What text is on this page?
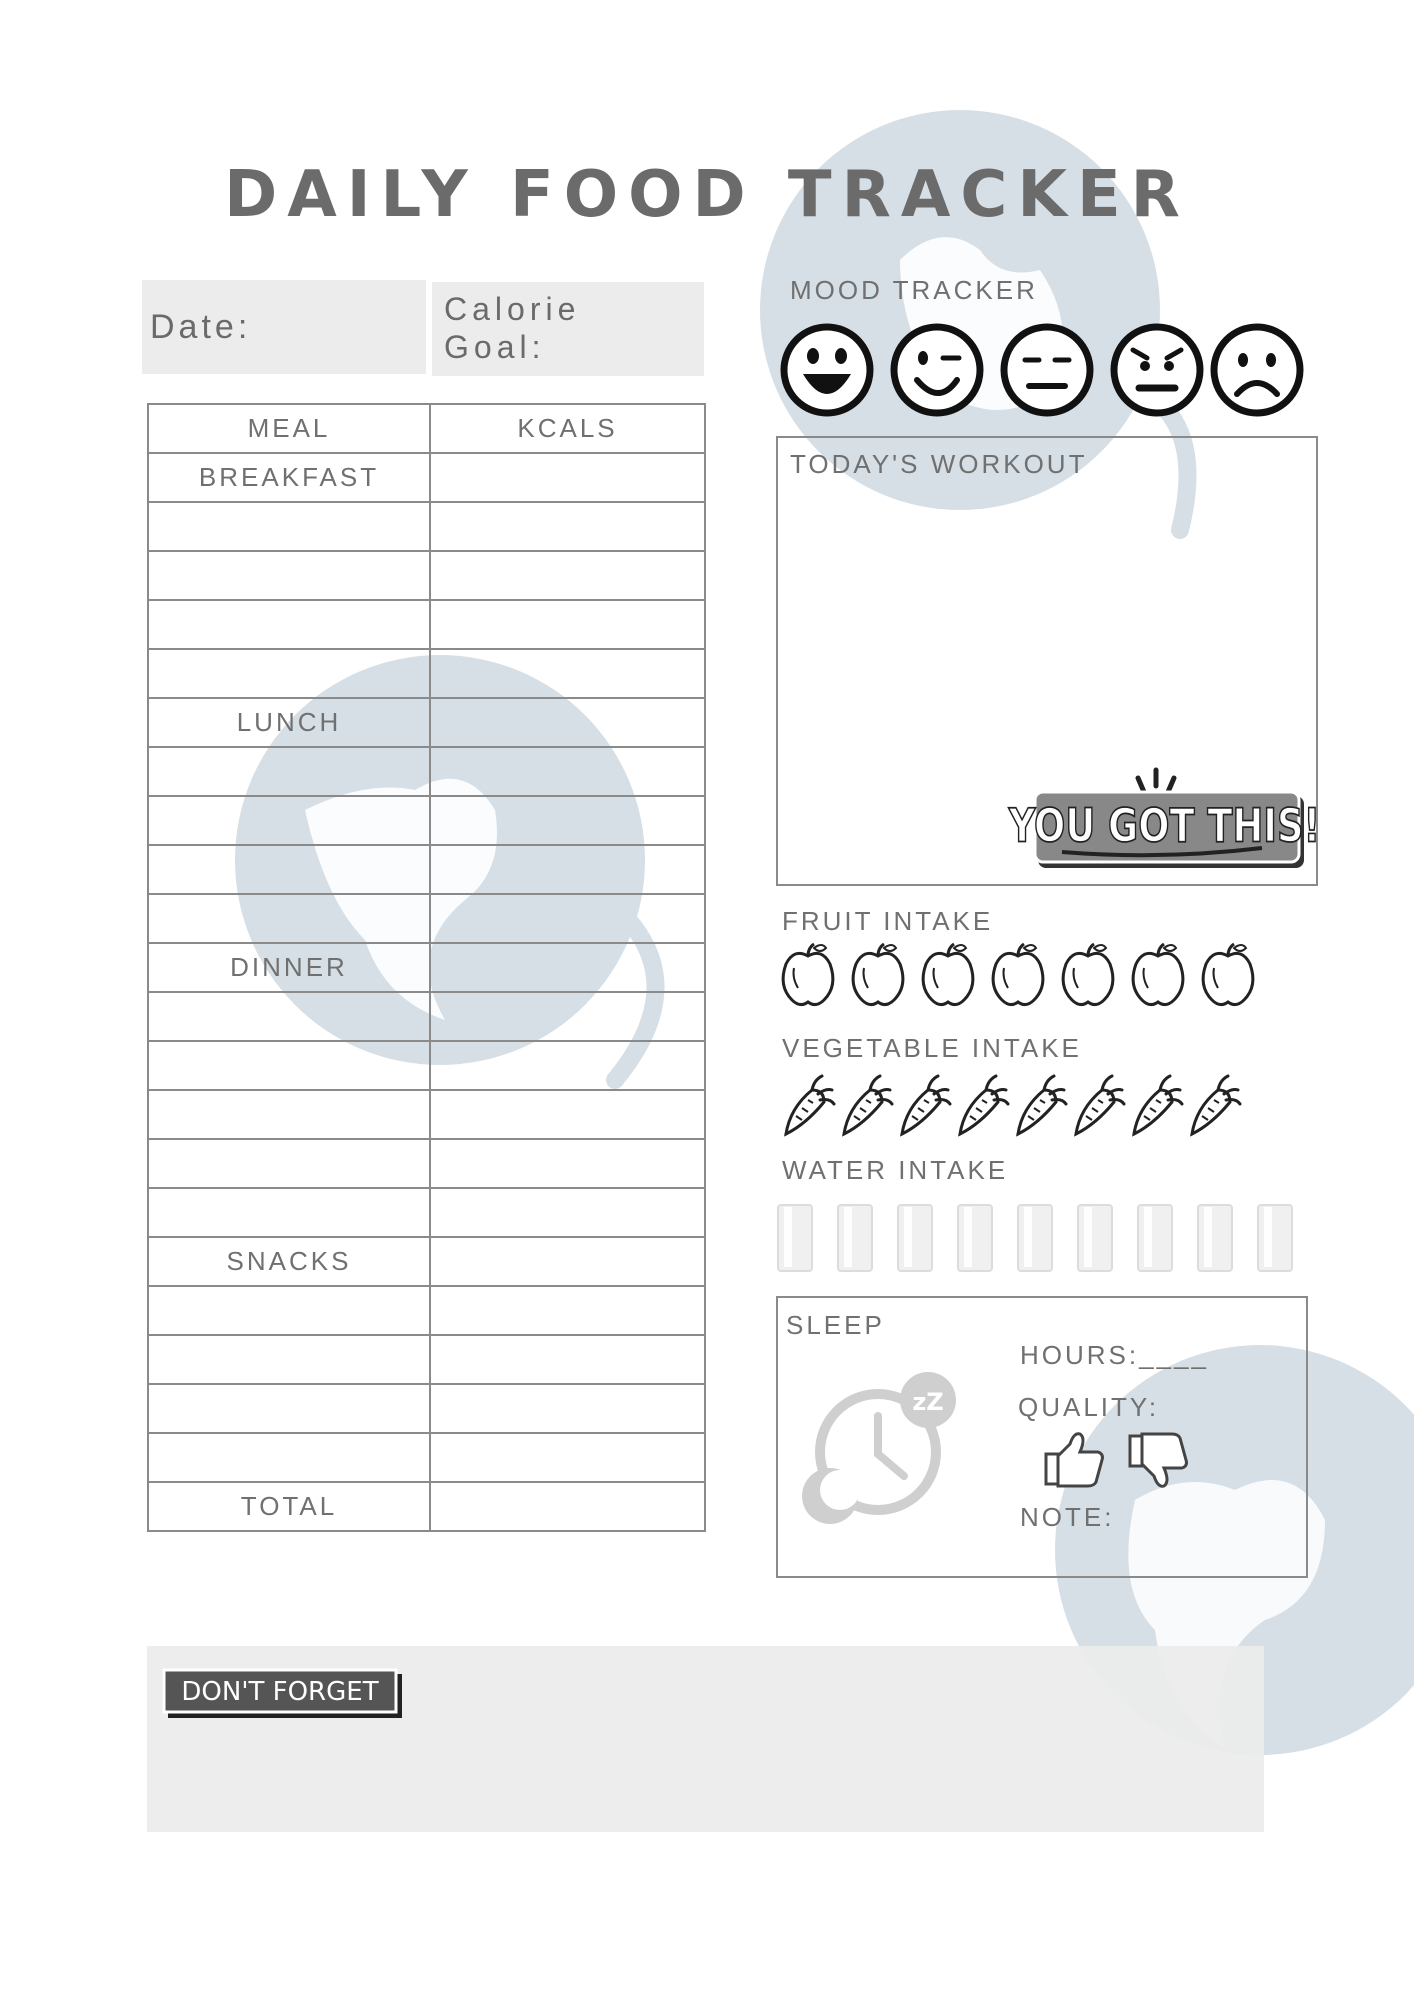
DAILY FOOD TRACKER
Date:	Calorie
Goal:
MEAL	KCALS
BREAKFAST	

LUNCH	

DINNER	

SNACKS	

TOTAL	
MOOD TRACKER
TODAY'S WORKOUT
YOU GOT THIS!
FRUIT INTAKE
VEGETABLE INTAKE
WATER INTAKE
SLEEP
HOURS:____
QUALITY:
NOTE:
zZ
DON'T FORGET
